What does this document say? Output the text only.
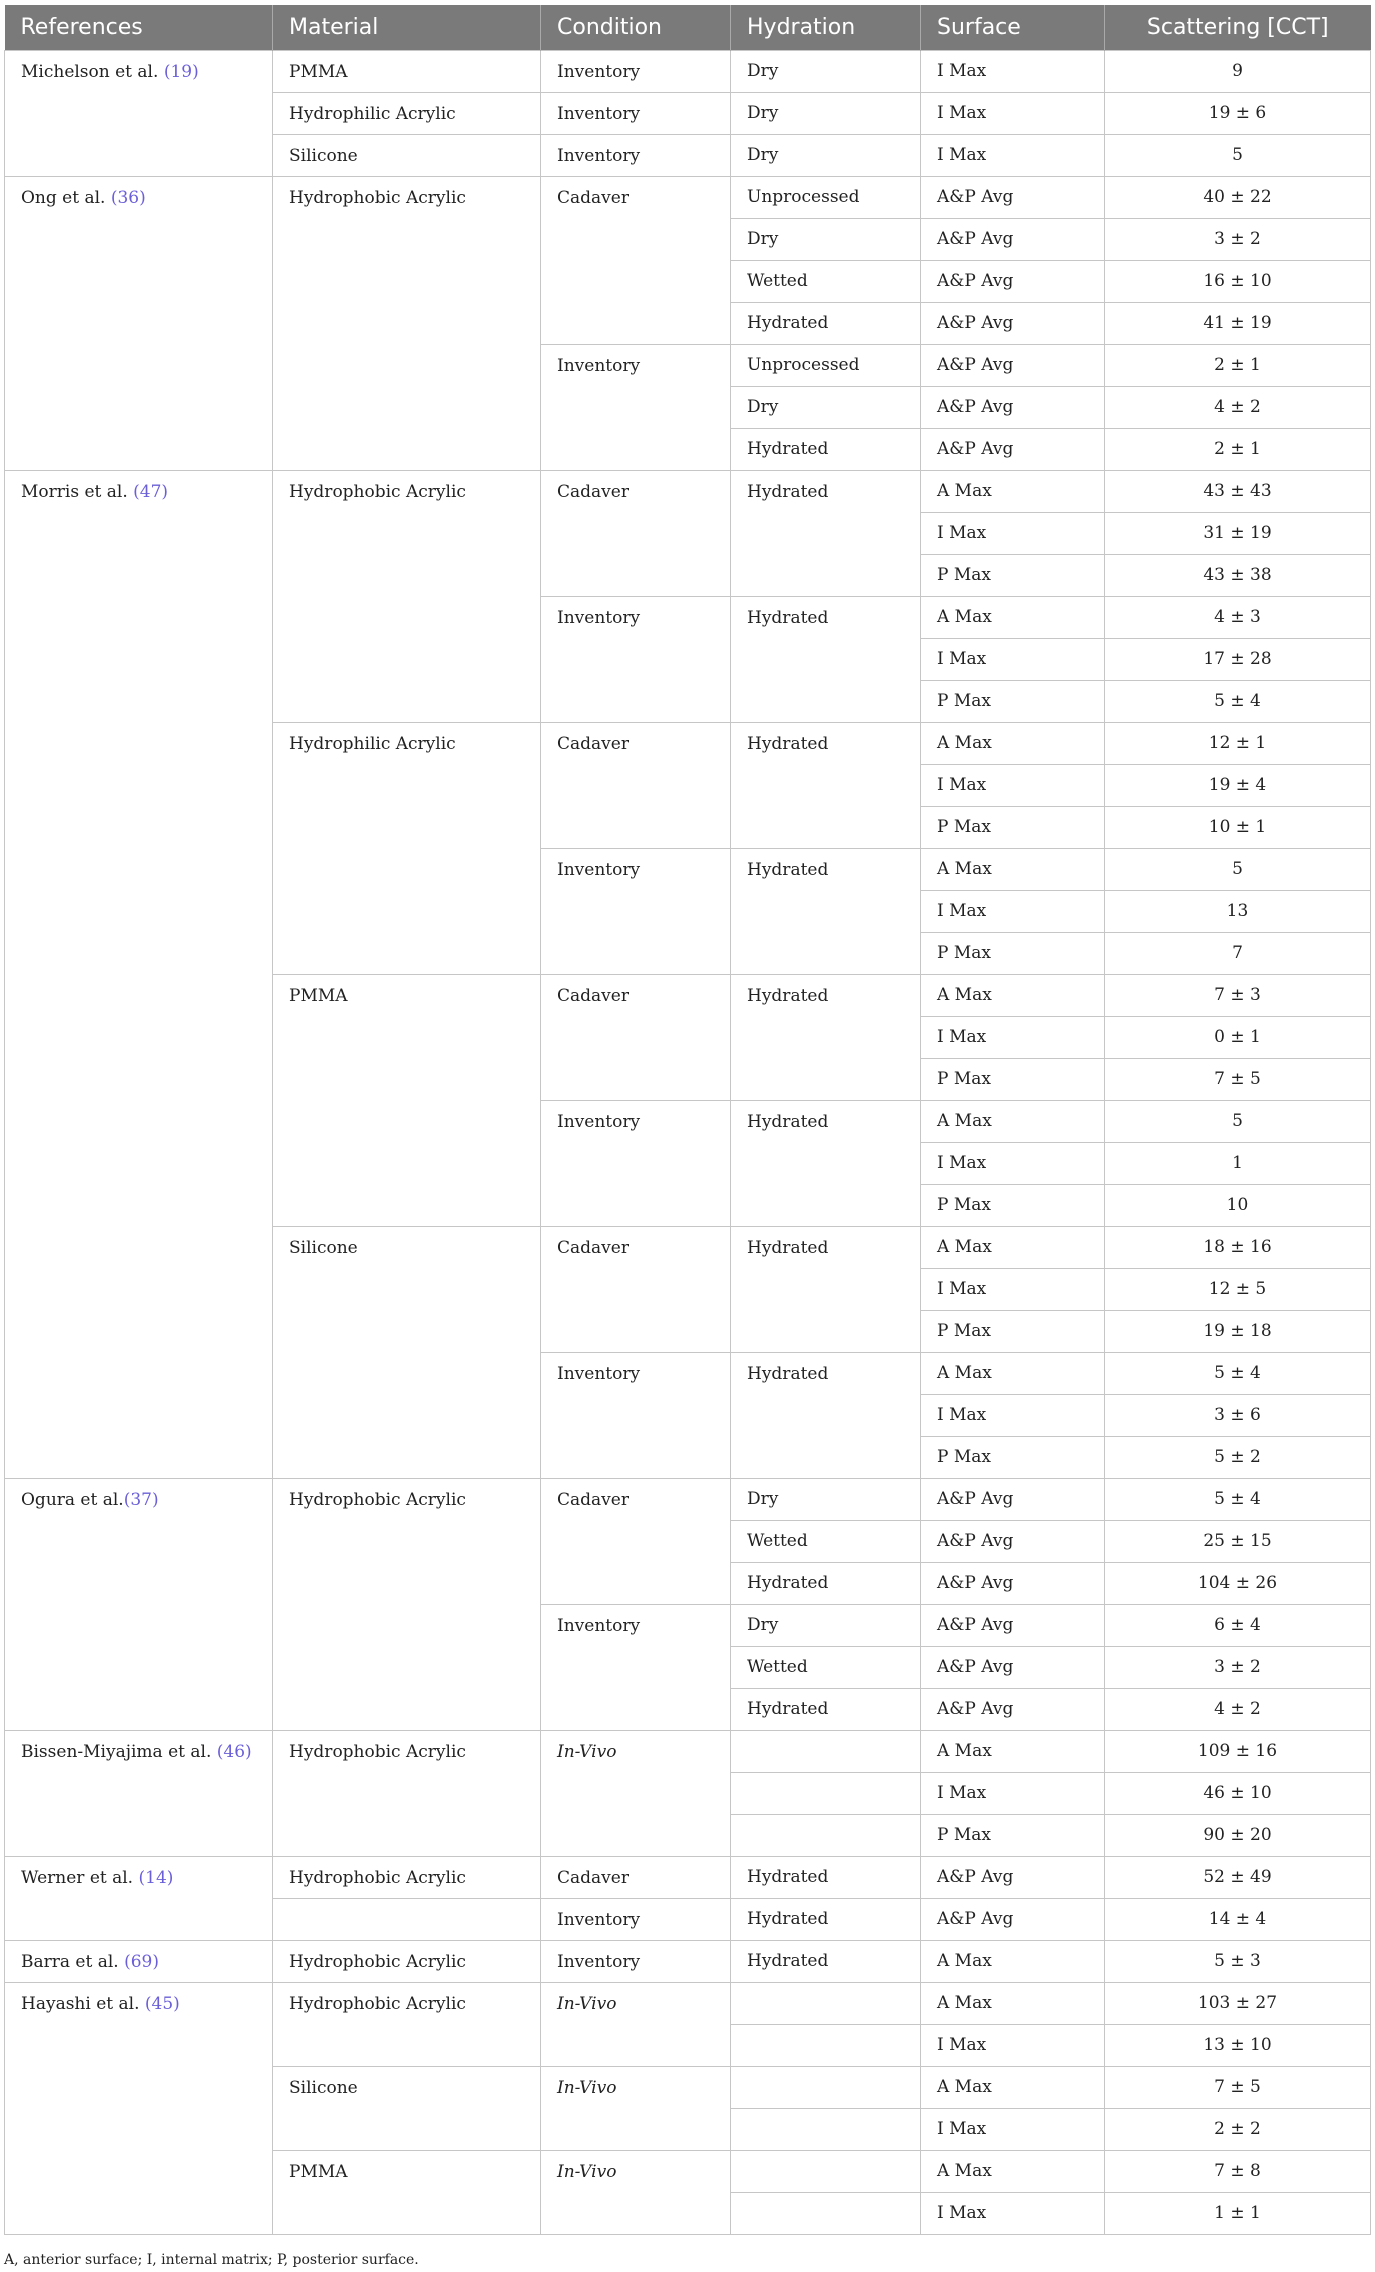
References	Material	Condition	Hydration	Surface	Scattering [CCT]
Michelson et al. (19)	PMMA	Inventory	Dry	I Max	9
	Hydrophilic Acrylic	Inventory	Dry	I Max	19 ± 6
	Silicone	Inventory	Dry	I Max	5
Ong et al. (36)	Hydrophobic Acrylic	Cadaver	Unprocessed	A&P Avg	40 ± 22
			Dry	A&P Avg	3 ± 2
			Wetted	A&P Avg	16 ± 10
			Hydrated	A&P Avg	41 ± 19
		Inventory	Unprocessed	A&P Avg	2 ± 1
			Dry	A&P Avg	4 ± 2
			Hydrated	A&P Avg	2 ± 1
Morris et al. (47)	Hydrophobic Acrylic	Cadaver	Hydrated	A Max	43 ± 43
				I Max	31 ± 19
				P Max	43 ± 38
		Inventory	Hydrated	A Max	4 ± 3
				I Max	17 ± 28
				P Max	5 ± 4
	Hydrophilic Acrylic	Cadaver	Hydrated	A Max	12 ± 1
				I Max	19 ± 4
				P Max	10 ± 1
		Inventory	Hydrated	A Max	5
				I Max	13
				P Max	7
	PMMA	Cadaver	Hydrated	A Max	7 ± 3
				I Max	0 ± 1
				P Max	7 ± 5
		Inventory	Hydrated	A Max	5
				I Max	1
				P Max	10
	Silicone	Cadaver	Hydrated	A Max	18 ± 16
				I Max	12 ± 5
				P Max	19 ± 18
		Inventory	Hydrated	A Max	5 ± 4
				I Max	3 ± 6
				P Max	5 ± 2
Ogura et al.(37)	Hydrophobic Acrylic	Cadaver	Dry	A&P Avg	5 ± 4
			Wetted	A&P Avg	25 ± 15
			Hydrated	A&P Avg	104 ± 26
		Inventory	Dry	A&P Avg	6 ± 4
			Wetted	A&P Avg	3 ± 2
			Hydrated	A&P Avg	4 ± 2
Bissen-Miyajima et al. (46)	Hydrophobic Acrylic	In-Vivo		A Max	109 ± 16
				I Max	46 ± 10
				P Max	90 ± 20
Werner et al. (14)	Hydrophobic Acrylic	Cadaver	Hydrated	A&P Avg	52 ± 49
		Inventory	Hydrated	A&P Avg	14 ± 4
Barra et al. (69)	Hydrophobic Acrylic	Inventory	Hydrated	A Max	5 ± 3
Hayashi et al. (45)	Hydrophobic Acrylic	In-Vivo		A Max	103 ± 27
				I Max	13 ± 10
	Silicone	In-Vivo		A Max	7 ± 5
				I Max	2 ± 2
	PMMA	In-Vivo		A Max	7 ± 8
				I Max	1 ± 1
A, anterior surface; I, internal matrix; P, posterior surface.
